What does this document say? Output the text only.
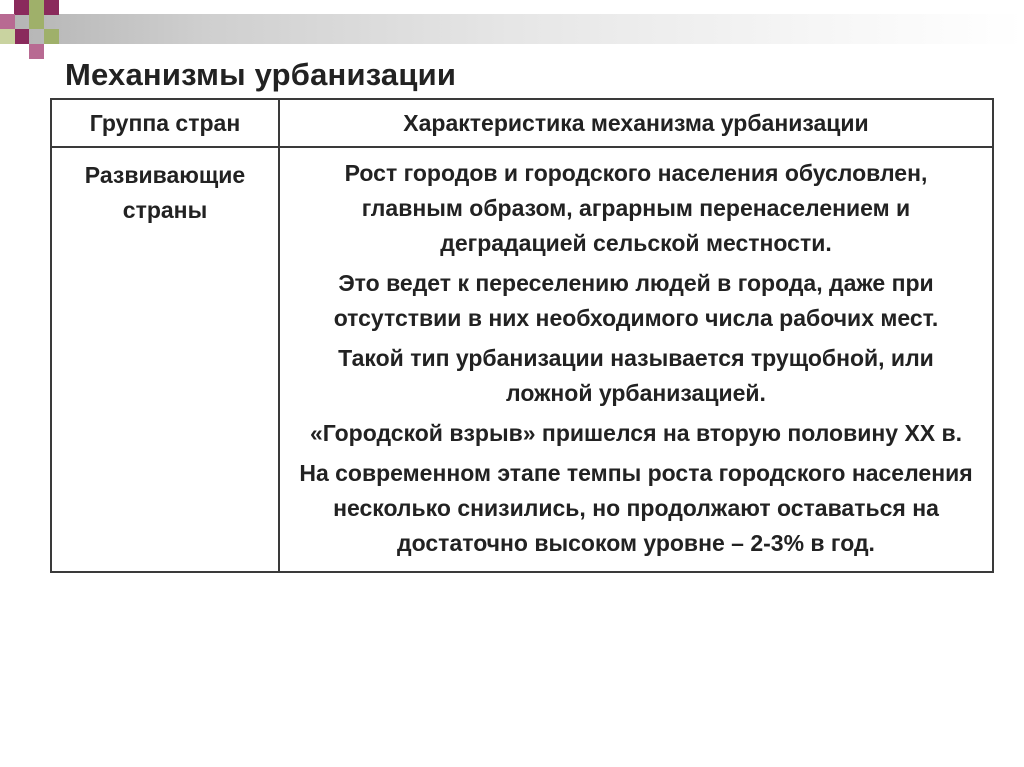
Механизмы урбанизации
Группа стран	Характеристика механизма урбанизации
Развивающие страны	Рост городов и городского населения обусловлен, главным образом, аграрным перенаселением и деградацией сельской местности.
Это ведет к переселению людей в города, даже при отсутствии в них необходимого числа рабочих мест.
Такой тип урбанизации называется трущобной, или ложной урбанизацией.
«Городской взрыв» пришелся на вторую половину XX в.
На современном этапе темпы роста городского населения несколько снизились, но продолжают оставаться на достаточно высоком уровне – 2-3% в год.
